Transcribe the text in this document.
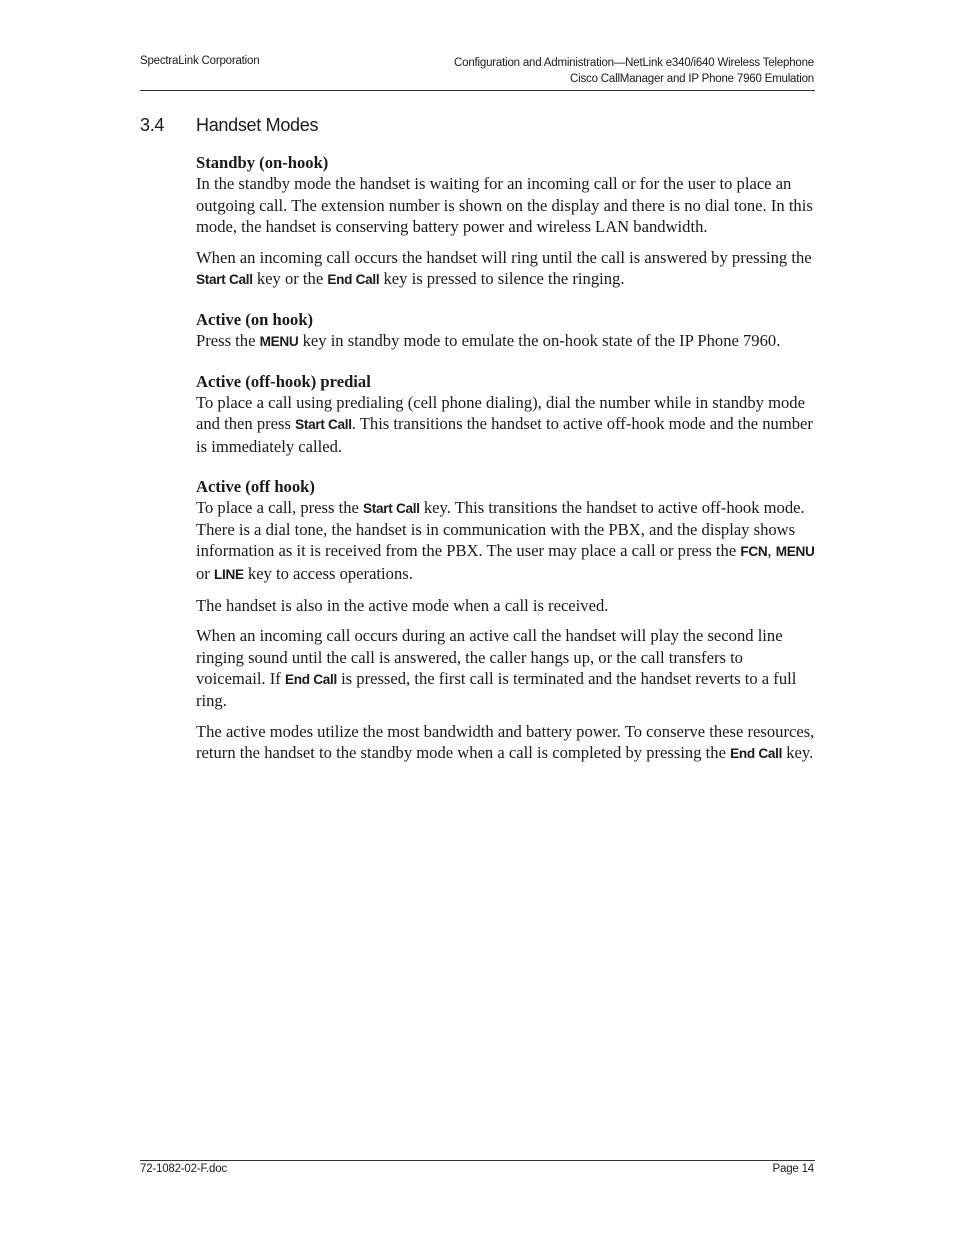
SpectraLink Corporation	Configuration and Administration—NetLink e340/i640 Wireless Telephone
Cisco CallManager and IP Phone 7960 Emulation
3.4 Handset Modes
Standby (on-hook)

In the standby mode the handset is waiting for an incoming call or for the user to place an outgoing call. The extension number is shown on the display and there is no dial tone. In this mode, the handset is conserving battery power and wireless LAN bandwidth.

When an incoming call occurs the handset will ring until the call is answered by pressing the Start Call key or the End Call key is pressed to silence the ringing.

Active (on hook)

Press the MENU key in standby mode to emulate the on-hook state of the IP Phone 7960.

Active (off-hook) predial

To place a call using predialing (cell phone dialing), dial the number while in standby mode and then press Start Call. This transitions the handset to active off-hook mode and the number is immediately called.

Active (off hook)

To place a call, press the Start Call key. This transitions the handset to active off-hook mode. There is a dial tone, the handset is in communication with the PBX, and the display shows information as it is received from the PBX. The user may place a call or press the FCN, MENU or LINE key to access operations.

The handset is also in the active mode when a call is received.

When an incoming call occurs during an active call the handset will play the second line ringing sound until the call is answered, the caller hangs up, or the call transfers to voicemail. If End Call is pressed, the first call is terminated and the handset reverts to a full ring.

The active modes utilize the most bandwidth and battery power. To conserve these resources, return the handset to the standby mode when a call is completed by pressing the End Call key.

72-1082-02-F.doc	Page 14
